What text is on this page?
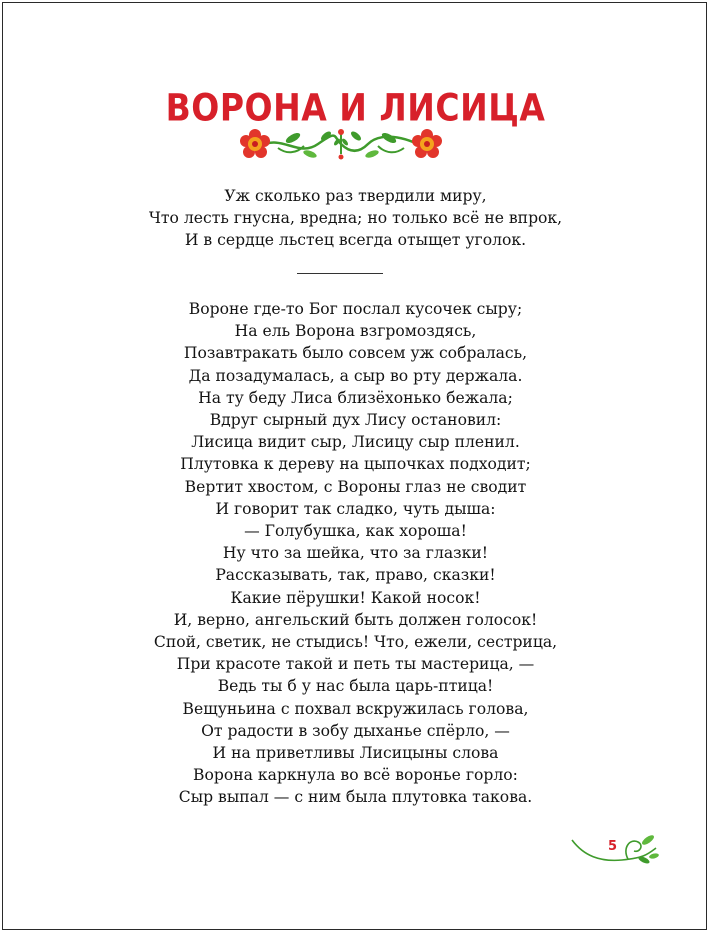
ВОРОНА И ЛИСИЦА
Уж сколько раз твердили миру,
Что лесть гнусна, вредна; но только всё не впрок,
И в сердце льстец всегда отыщет уголок.
Вороне где-то Бог послал кусочек сыру;
На ель Ворона взгромоздясь,
Позавтракать было совсем уж собралась,
Да позадумалась, а сыр во рту держала.
На ту беду Лиса близёхонько бежала;
Вдруг сырный дух Лису остановил:
Лисица видит сыр, Лисицу сыр пленил.
Плутовка к дереву на цыпочках подходит;
Вертит хвостом, с Вороны глаз не сводит
И говорит так сладко, чуть дыша:
— Голубушка, как хороша!
Ну что за шейка, что за глазки!
Рассказывать, так, право, сказки!
Какие пёрушки! Какой носок!
И, верно, ангельский быть должен голосок!
Спой, светик, не стыдись! Что, ежели, сестрица,
При красоте такой и петь ты мастерица, —
Ведь ты б у нас была царь-птица!
Вещуньина с похвал вскружилась голова,
От радости в зобу дыханье спёрло, —
И на приветливы Лисицыны слова
Ворона каркнула во всё воронье горло:
Сыр выпал — с ним была плутовка такова.
5
